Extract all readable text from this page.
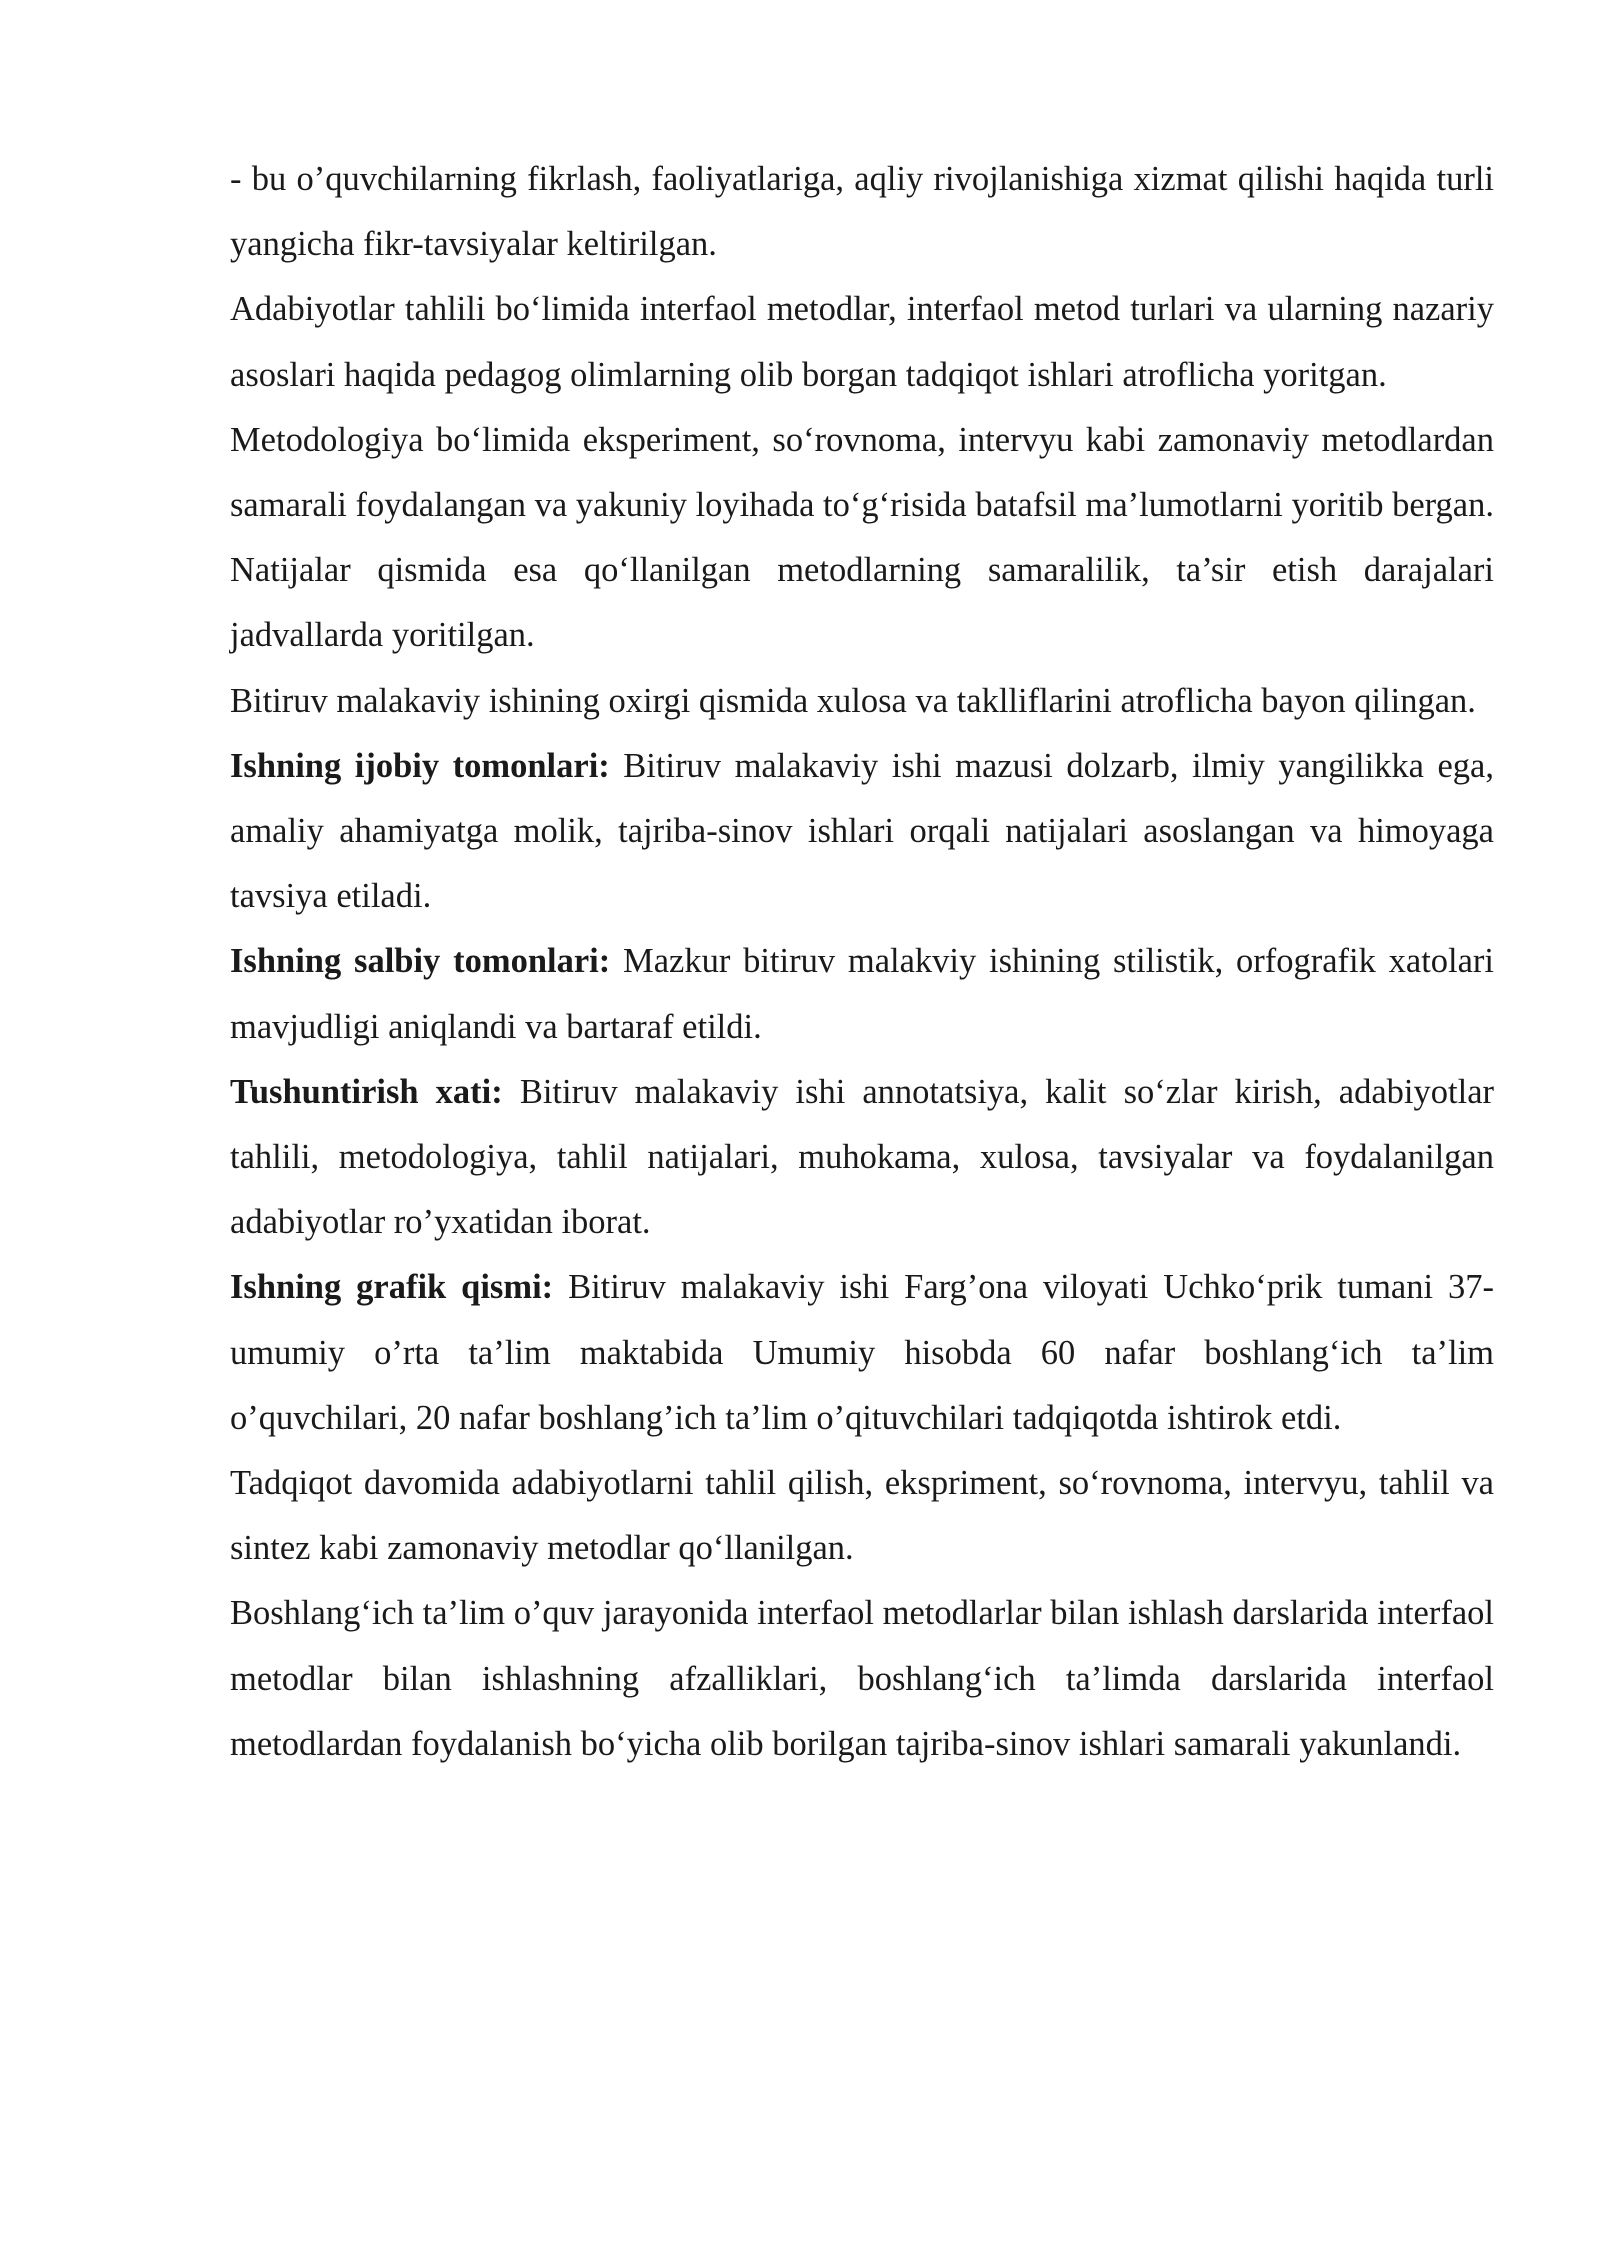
- bu o’quvchilarning fikrlash, faoliyatlariga, aqliy rivojlanishiga xizmat qilishi haqida turli yangicha fikr-tavsiyalar keltirilgan.

Adabiyotlar tahlili bo‘limida interfaol metodlar, interfaol metod turlari va ularning nazariy asoslari haqida pedagog olimlarning olib borgan tadqiqot ishlari atroflicha yoritgan.

Metodologiya bo‘limida eksperiment, so‘rovnoma, intervyu kabi zamonaviy metodlardan samarali foydalangan va yakuniy loyihada to‘g‘risida batafsil ma’lumotlarni yoritib bergan.

Natijalar qismida esa qo‘llanilgan metodlarning samaralilik, ta’sir etish darajalari jadvallarda yoritilgan.

Bitiruv malakaviy ishining oxirgi qismida xulosa va taklliflarini atroflicha bayon qilingan.

Ishning ijobiy tomonlari: Bitiruv malakaviy ishi mazusi dolzarb, ilmiy yangilikka ega, amaliy ahamiyatga molik, tajriba-sinov ishlari orqali natijalari asoslangan va himoyaga tavsiya etiladi.

Ishning salbiy tomonlari: Mazkur bitiruv malakviy ishining stilistik, orfografik xatolari mavjudligi aniqlandi va bartaraf etildi.

Tushuntirish xati: Bitiruv malakaviy ishi annotatsiya, kalit so‘zlar kirish, adabiyotlar tahlili, metodologiya, tahlil natijalari, muhokama, xulosa, tavsiyalar va foydalanilgan adabiyotlar ro’yxatidan iborat.

Ishning grafik qismi: Bitiruv malakaviy ishi Farg’ona viloyati Uchko‘prik tumani 37-umumiy o’rta ta’lim maktabida Umumiy hisobda 60 nafar boshlang‘ich ta’lim o’quvchilari, 20 nafar boshlang’ich ta’lim o’qituvchilari tadqiqotda ishtirok etdi.

Tadqiqot davomida adabiyotlarni tahlil qilish, ekspriment, so‘rovnoma, intervyu, tahlil va sintez kabi zamonaviy metodlar qo‘llanilgan.

Boshlang‘ich ta’lim o’quv jarayonida interfaol metodlarlar bilan ishlash darslarida interfaol metodlar bilan ishlashning afzalliklari, boshlang‘ich ta’limda darslarida interfaol metodlardan foydalanish bo‘yicha olib borilgan tajriba-sinov ishlari samarali yakunlandi.
